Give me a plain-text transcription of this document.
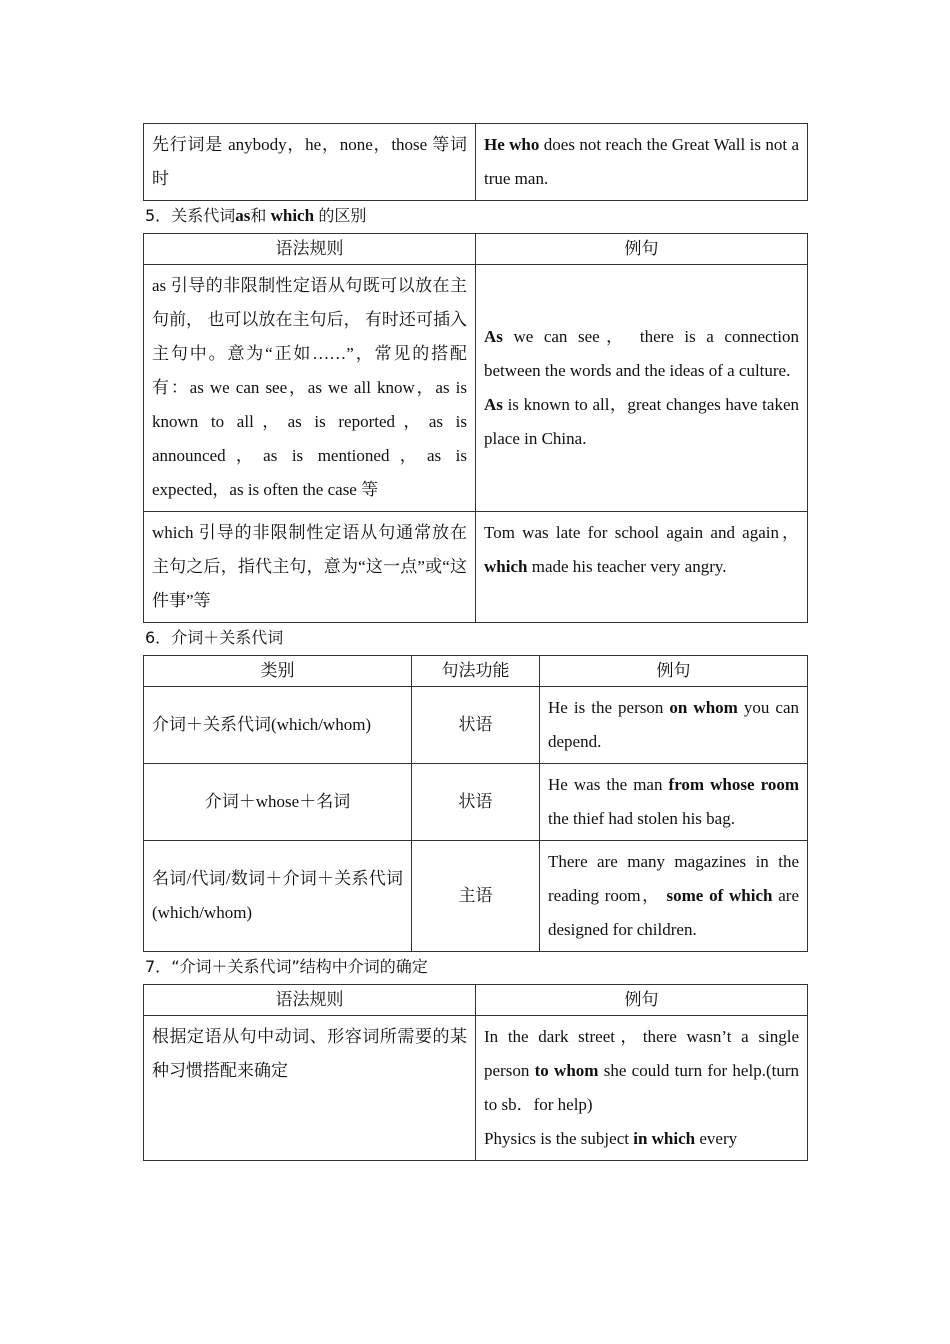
先行词是 anybody，he，none，those 等词时	He who does not reach the Great Wall is not a true man.
5．关系代词as和 which 的区别
语法规则	例句
as 引导的非限制性定语从句既可以放在主句前， 也可以放在主句后， 有时还可插入主句中。意为“正如……”，常见的搭配有：as we can see，as we all know，as is known to all，as is reported，as is announced，as is mentioned，as is expected，as is often the case 等	As we can see， there is a connection between the words and the ideas of a culture.
As is known to all，great changes have taken place in China.

which 引导的非限制性定语从句通常放在主句之后，指代主句，意为“这一点”或“这件事”等	Tom was late for school again and again， which made his teacher very angry.
6．介词＋关系代词
类别	句法功能	例句
介词＋关系代词(which/whom)	状语	He is the person on whom you can depend.
介词＋whose＋名词	状语	He was the man from whose room the thief had stolen his bag.
名词/代词/数词＋介词＋关系代词(which/whom)	主语	There are many magazines in the reading room， some of which are designed for children.
7．“介词＋关系代词”结构中介词的确定
语法规则	例句
根据定语从句中动词、形容词所需要的某种习惯搭配来确定	In the dark street，there wasn’t a single person to whom she could turn for help.(turn to sb．for help)
Physics is the subject in which every
